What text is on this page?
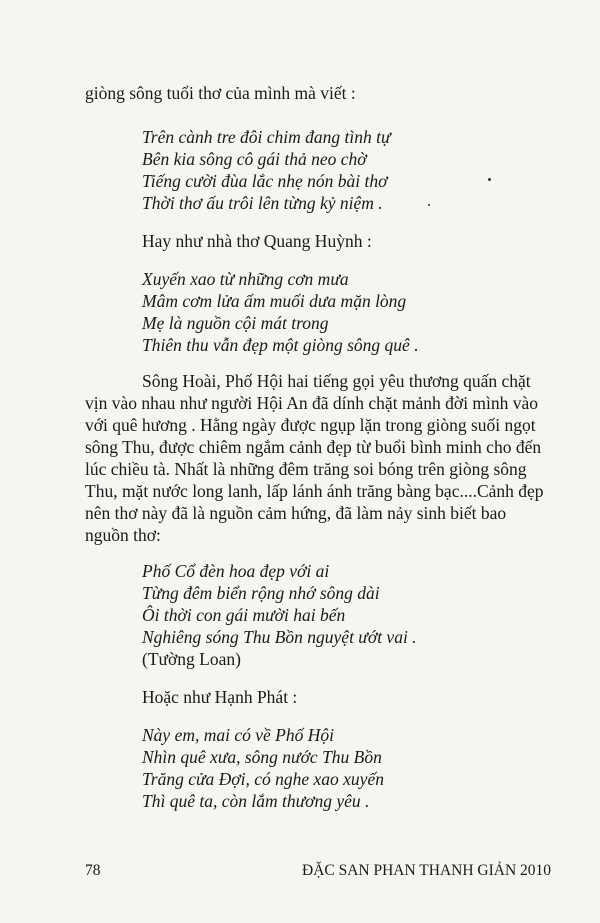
giòng sông tuổi thơ của mình mà viết :
Trên cành tre đôi chim đang tình tự
Bên kia sông cô gái thả neo chờ
Tiếng cười đùa lắc nhẹ nón bài thơ
Thời thơ ấu trôi lên từng kỷ niệm .
Hay như nhà thơ Quang Huỳnh :
Xuyến xao từ những cơn mưa
Mâm cơm lửa ấm muối dưa mặn lòng
Mẹ là nguồn cội mát trong
Thiên thu vẫn đẹp một giòng sông quê .
Sông Hoài, Phố Hội hai tiếng gọi yêu thương quấn chặt
vịn vào nhau như người Hội An đã dính chặt mảnh đời mình vào
với quê hương . Hằng ngày được ngụp lặn trong giòng suối ngọt
sông Thu, được chiêm ngắm cảnh đẹp từ buổi bình minh cho đến
lúc chiều tà. Nhất là những đêm trăng soi bóng trên giòng sông
Thu, mặt nước long lanh, lấp lánh ánh trăng bàng bạc....Cảnh đẹp
nên thơ này đã là nguồn cảm hứng, đã làm nảy sinh biết bao
nguồn thơ:
Phố Cổ đèn hoa đẹp với ai
Từng đêm biển rộng nhớ sông dài
Ôi thời con gái mười hai bến
Nghiêng sóng Thu Bồn nguyệt ướt vai .
(Tường Loan)
Hoặc như Hạnh Phát :
Này em, mai có về Phố Hội
Nhìn quê xưa, sông nước Thu Bồn
Trăng cửa Đợi, có nghe xao xuyến
Thì quê ta, còn lắm thương yêu .
78	ĐẶC SAN PHAN THANH GIẢN 2010
